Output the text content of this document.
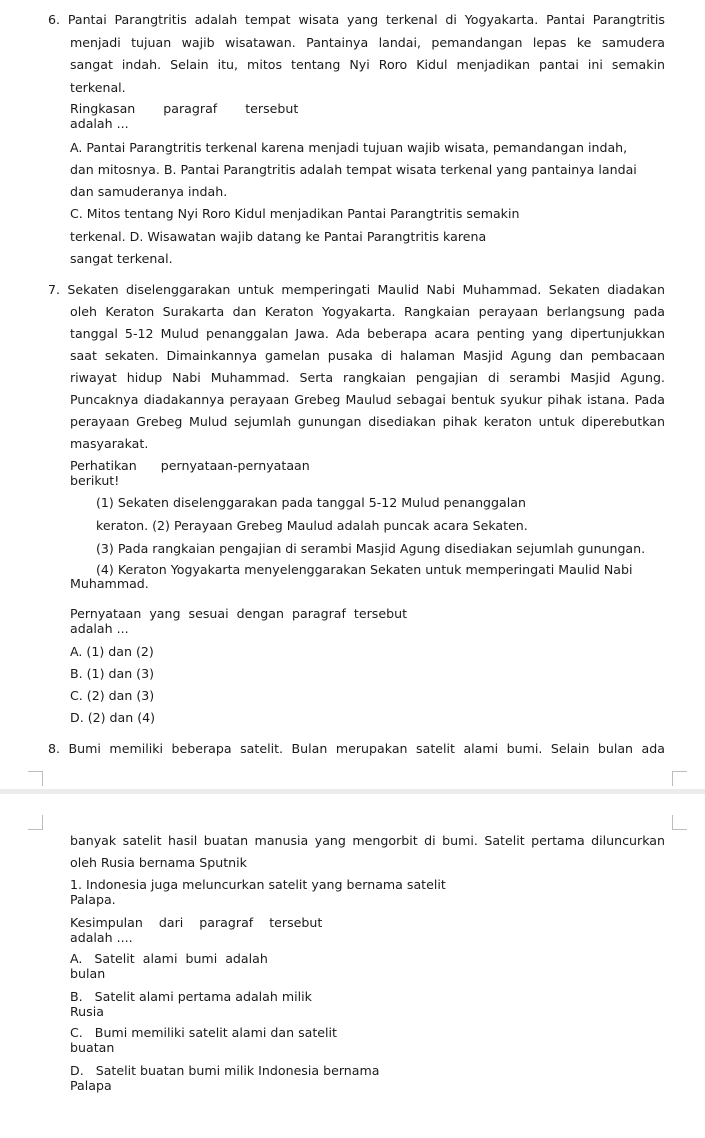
6. Pantai Parangtritis adalah tempat wisata yang terkenal di Yogyakarta. Pantai Parangtritis
menjadi tujuan wajib wisatawan. Pantainya landai, pemandangan lepas ke samudera
sangat indah. Selain itu, mitos tentang Nyi Roro Kidul menjadikan pantai ini semakin
terkenal.
Ringkasan       paragraf       tersebut
adalah ...
A. Pantai Parangtritis terkenal karena menjadi tujuan wajib wisata, pemandangan indah,
dan mitosnya. B. Pantai Parangtritis adalah tempat wisata terkenal yang pantainya landai
dan samuderanya indah.
C. Mitos tentang Nyi Roro Kidul menjadikan Pantai Parangtritis semakin
terkenal. D. Wisawatan wajib datang ke Pantai Parangtritis karena
sangat terkenal.
7. Sekaten diselenggarakan untuk memperingati Maulid Nabi Muhammad. Sekaten diadakan
oleh Keraton Surakarta dan Keraton Yogyakarta. Rangkaian perayaan berlangsung pada
tanggal 5-12 Mulud penanggalan Jawa. Ada beberapa acara penting yang dipertunjukkan
saat sekaten. Dimainkannya gamelan pusaka di halaman Masjid Agung dan pembacaan
riwayat hidup Nabi Muhammad. Serta rangkaian pengajian di serambi Masjid Agung.
Puncaknya diadakannya perayaan Grebeg Maulud sebagai bentuk syukur pihak istana. Pada
perayaan Grebeg Mulud sejumlah gunungan disediakan pihak keraton untuk diperebutkan
masyarakat.
Perhatikan      pernyataan-pernyataan
berikut!
(1) Sekaten diselenggarakan pada tanggal 5-12 Mulud penanggalan
keraton. (2) Perayaan Grebeg Maulud adalah puncak acara Sekaten.
(3) Pada rangkaian pengajian di serambi Masjid Agung disediakan sejumlah gunungan.
(4) Keraton Yogyakarta menyelenggarakan Sekaten untuk memperingati Maulid Nabi
Muhammad.
Pernyataan yang sesuai dengan paragraf tersebut
adalah ...
A. (1) dan (2)
B. (1) dan (3)
C. (2) dan (3)
D. (2) dan (4)
8. Bumi memiliki beberapa satelit. Bulan merupakan satelit alami bumi. Selain bulan ada
banyak satelit hasil buatan manusia yang mengorbit di bumi. Satelit pertama diluncurkan
oleh Rusia bernama Sputnik
1. Indonesia juga meluncurkan satelit yang bernama satelit
Palapa.
Kesimpulan    dari    paragraf    tersebut
adalah ....
A.   Satelit  alami  bumi  adalah
bulan
B.   Satelit alami pertama adalah milik
Rusia
C.   Bumi memiliki satelit alami dan satelit
buatan
D.   Satelit buatan bumi milik Indonesia bernama
Palapa
